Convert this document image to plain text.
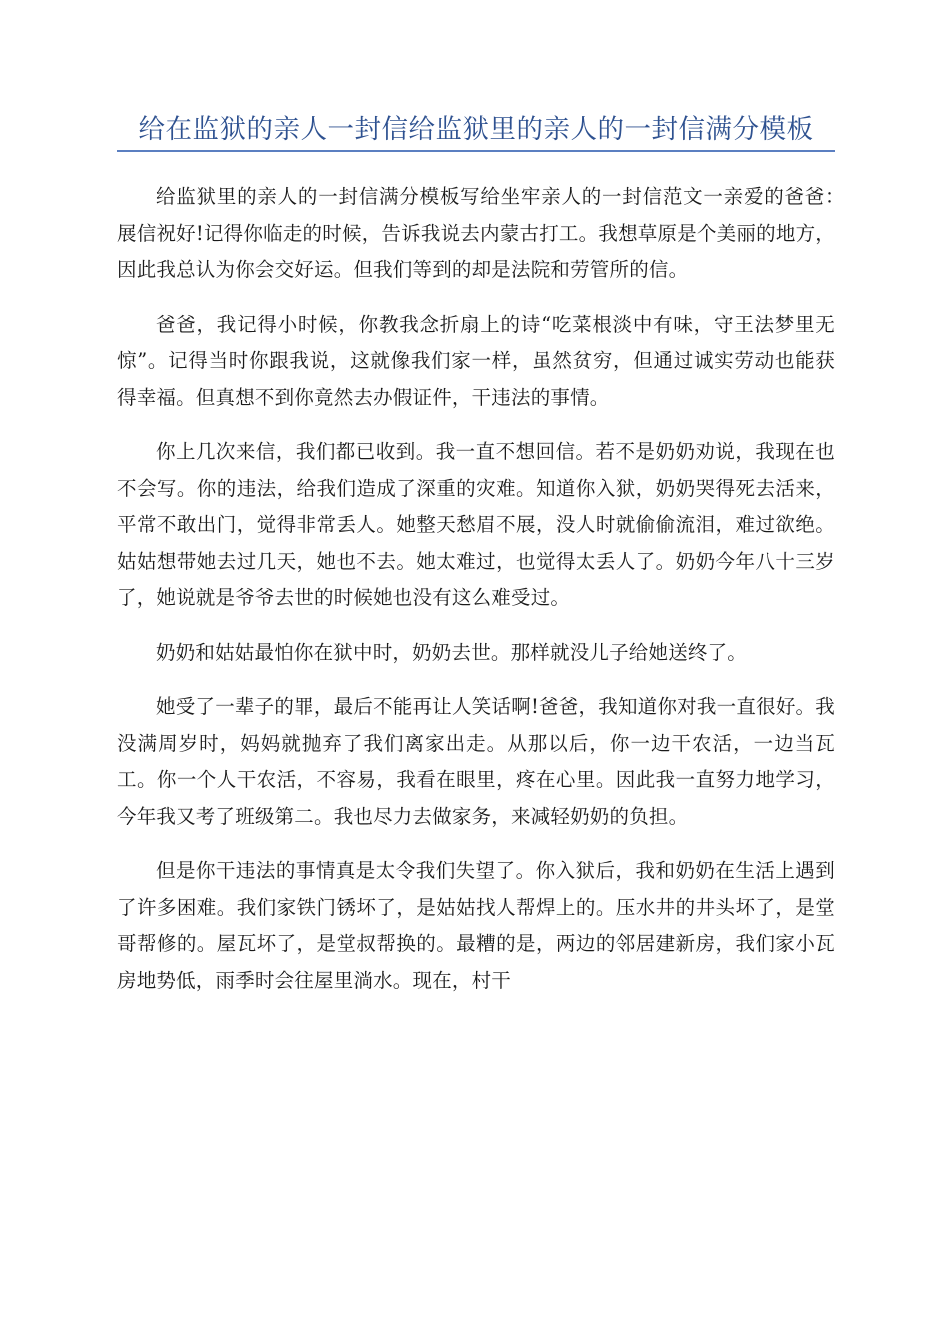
给在监狱的亲人一封信给监狱里的亲人的一封信满分模板

给监狱里的亲人的一封信满分模板写给坐牢亲人的一封信范文一亲爱的爸爸：　　展信祝好!记得你临走的时候，告诉我说去内蒙古打工。我想草原是个美丽的地方，因此我总认为你会交好运。但我们等到的却是法院和劳管所的信。

爸爸，我记得小时候，你教我念折扇上的诗“吃菜根淡中有味，守王法梦里无惊”。记得当时你跟我说，这就像我们家一样，虽然贫穷，但通过诚实劳动也能获得幸福。但真想不到你竟然去办假证件，干违法的事情。

你上几次来信，我们都已收到。我一直不想回信。若不是奶奶劝说，我现在也不会写。你的违法，给我们造成了深重的灾难。知道你入狱，奶奶哭得死去活来，平常不敢出门，觉得非常丢人。她整天愁眉不展，没人时就偷偷流泪，难过欲绝。姑姑想带她去过几天，她也不去。她太难过，也觉得太丢人了。奶奶今年八十三岁了，她说就是爷爷去世的时候她也没有这么难受过。

奶奶和姑姑最怕你在狱中时，奶奶去世。那样就没儿子给她送终了。

她受了一辈子的罪，最后不能再让人笑话啊!爸爸，我知道你对我一直很好。我没满周岁时，妈妈就抛弃了我们离家出走。从那以后，你一边干农活，一边当瓦工。你一个人干农活，不容易，我看在眼里，疼在心里。因此我一直努力地学习，今年我又考了班级第二。我也尽力去做家务，来减轻奶奶的负担。

但是你干违法的事情真是太令我们失望了。你入狱后，我和奶奶在生活上遇到了许多困难。我们家铁门锈坏了，是姑姑找人帮焊上的。压水井的井头坏了，是堂哥帮修的。屋瓦坏了，是堂叔帮换的。最糟的是，两边的邻居建新房，我们家小瓦房地势低，雨季时会往屋里淌水。现在，村干
